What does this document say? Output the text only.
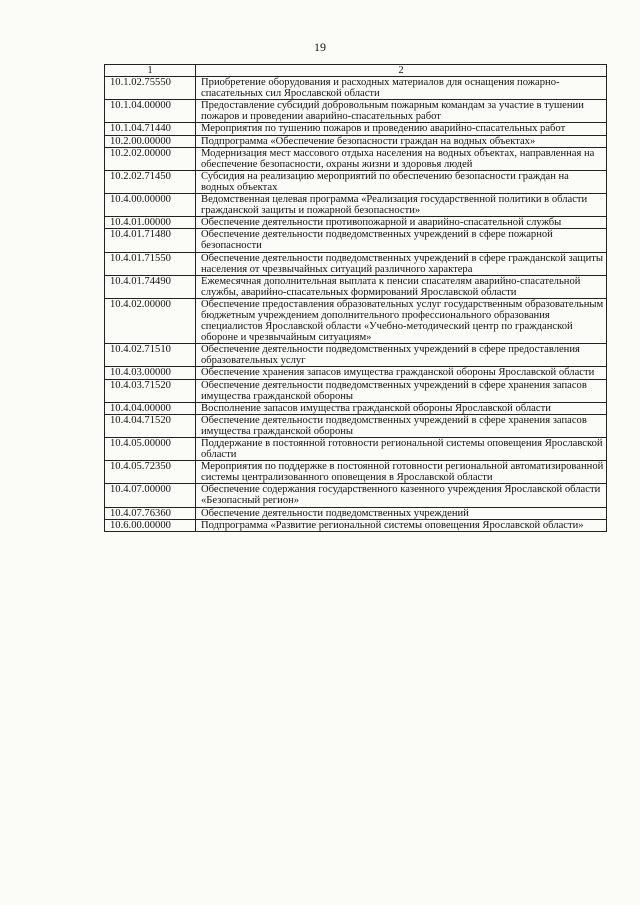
19
1	2
10.1.02.75550	Приобретение оборудования и расходных материалов для оснащения пожарно-спасательных сил Ярославской области
10.1.04.00000	Предоставление субсидий добровольным пожарным командам за участие в тушении пожаров и проведении аварийно-спасательных работ
10.1.04.71440	Мероприятия по тушению пожаров и проведению аварийно-спасательных работ
10.2.00.00000	Подпрограмма «Обеспечение безопасности граждан на водных объектах»
10.2.02.00000	Модернизация мест массового отдыха населения на водных объектах, направленная на обеспечение безопасности, охраны жизни и здоровья людей
10.2.02.71450	Субсидия на реализацию мероприятий по обеспечению безопасности граждан на водных объектах
10.4.00.00000	Ведомственная целевая программа «Реализация государственной политики в области гражданской защиты и пожарной безопасности»
10.4.01.00000	Обеспечение деятельности противопожарной и аварийно-спасательной службы
10.4.01.71480	Обеспечение деятельности подведомственных учреждений в сфере пожарной безопасности
10.4.01.71550	Обеспечение деятельности подведомственных учреждений в сфере гражданской защиты населения от чрезвычайных ситуаций различного характера
10.4.01.74490	Ежемесячная дополнительная выплата к пенсии спасателям аварийно-спасательной службы, аварийно-спасательных формирований Ярославской области
10.4.02.00000	Обеспечение предоставления образовательных услуг государственным образовательным бюджетным учреждением дополнительного профессионального образования специалистов Ярославской области «Учебно-методический центр по гражданской обороне и чрезвычайным ситуациям»
10.4.02.71510	Обеспечение деятельности подведомственных учреждений в сфере предоставления образовательных услуг
10.4.03.00000	Обеспечение хранения запасов имущества гражданской обороны Ярославской области
10.4.03.71520	Обеспечение деятельности подведомственных учреждений в сфере хранения запасов имущества гражданской обороны
10.4.04.00000	Восполнение запасов имущества гражданской обороны Ярославской области
10.4.04.71520	Обеспечение деятельности подведомственных учреждений в сфере хранения запасов имущества гражданской обороны
10.4.05.00000	Поддержание в постоянной готовности региональной системы оповещения Ярославской области
10.4.05.72350	Мероприятия по поддержке в постоянной готовности региональной автоматизированной системы централизованного оповещения в Ярославской области
10.4.07.00000	Обеспечение содержания государственного казенного учреждения Ярославской области «Безопасный регион»
10.4.07.76360	Обеспечение деятельности подведомственных учреждений
10.6.00.00000	Подпрограмма «Развитие региональной системы оповещения Ярославской области»
